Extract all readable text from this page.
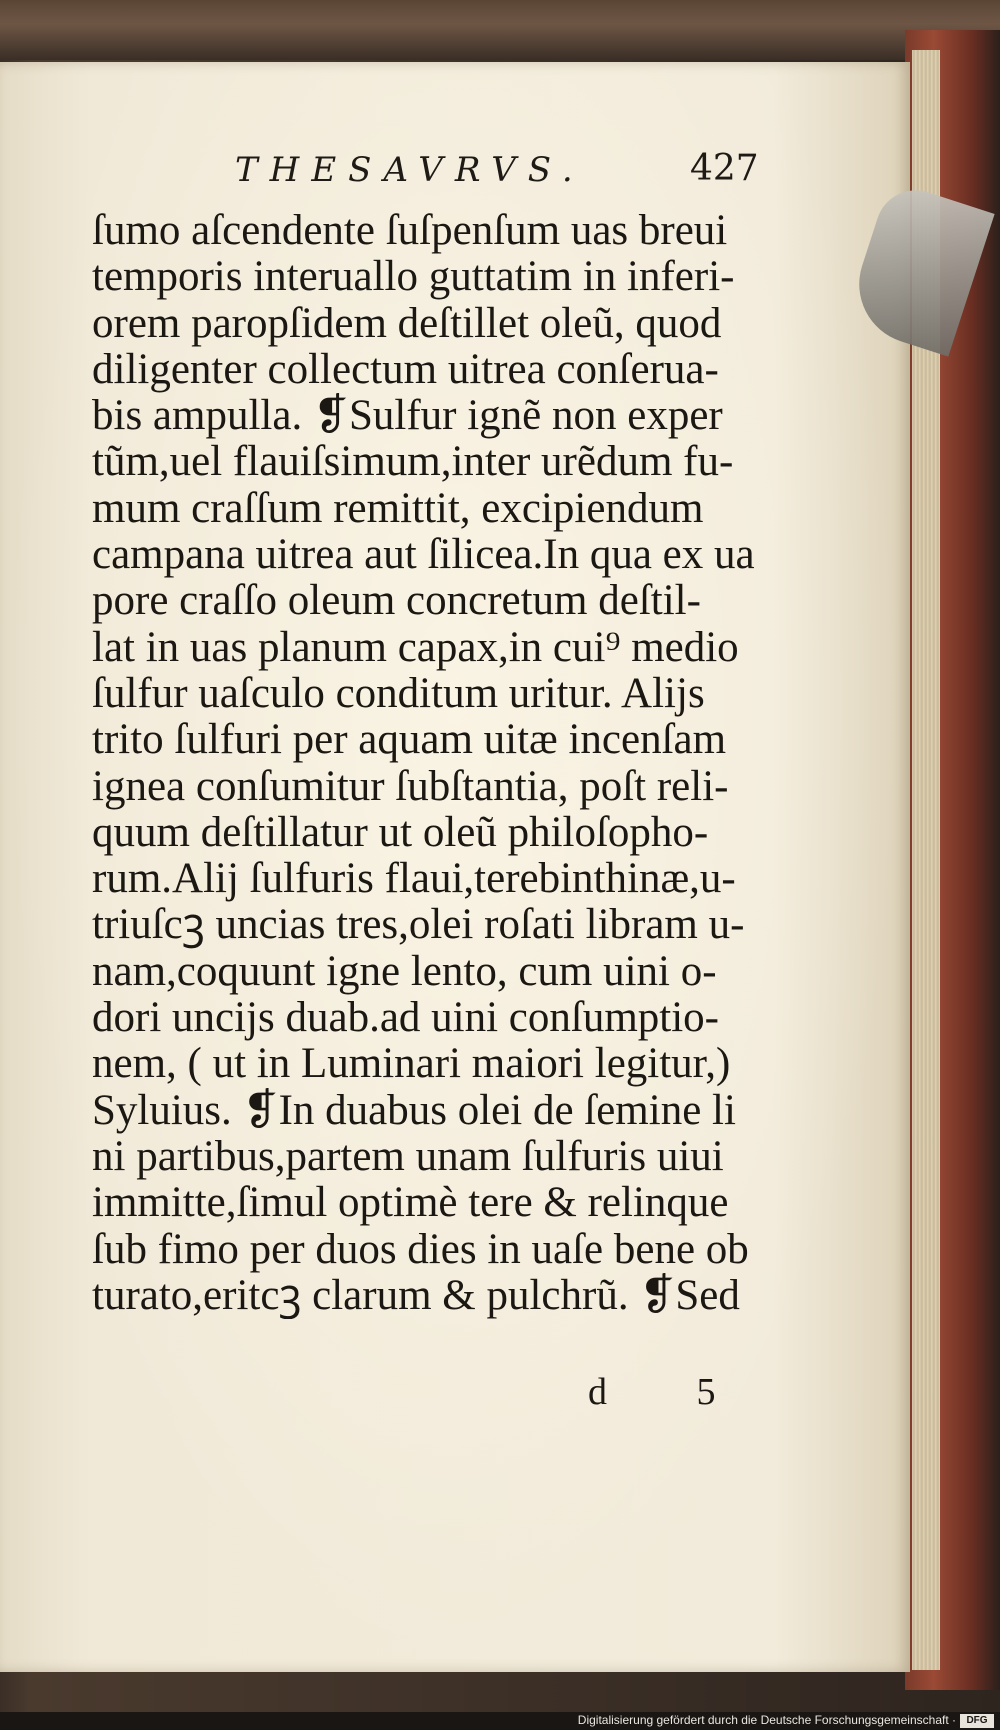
THESAVRVS.	427
ſumo aſcendente ſuſpenſum uas breui
temporis interuallo guttatim in inferi-
orem paropſidem deſtillet oleũ, quod
diligenter collectum uitrea conſerua-
bis ampulla. ❡Sulfur ignẽ non exper
tũm,uel flauiſsimum,inter urẽdum fu-
mum craſſum remittit, excipiendum
campana uitrea aut ſilicea.In qua ex ua
pore craſſo oleum concretum deſtil-
lat in uas planum capax,in cui⁹ medio
ſulfur uaſculo conditum uritur. Alijs
trito ſulfuri per aquam uitæ incenſam
ignea conſumitur ſubſtantia, poſt reli-
quum deſtillatur ut oleũ philoſopho-
rum.Alij ſulfuris flaui,terebinthinæ,u-
triuſcꝫ uncias tres,olei roſati libram u-
nam,coquunt igne lento, cum uini o-
dori uncijs duab.ad uini conſumptio-
nem, ( ut in Luminari maiori legitur,)
Syluius. ❡In duabus olei de ſemine li
ni partibus,partem unam ſulfuris uiui
immitte,ſimul optimè tere & relinque
ſub fimo per duos dies in uaſe bene ob
turato,eritcꝫ clarum & pulchrũ. ❡Sed
d 5
Digitalisierung gefördert durch die Deutsche Forschungsgemeinschaft ·	DFG
